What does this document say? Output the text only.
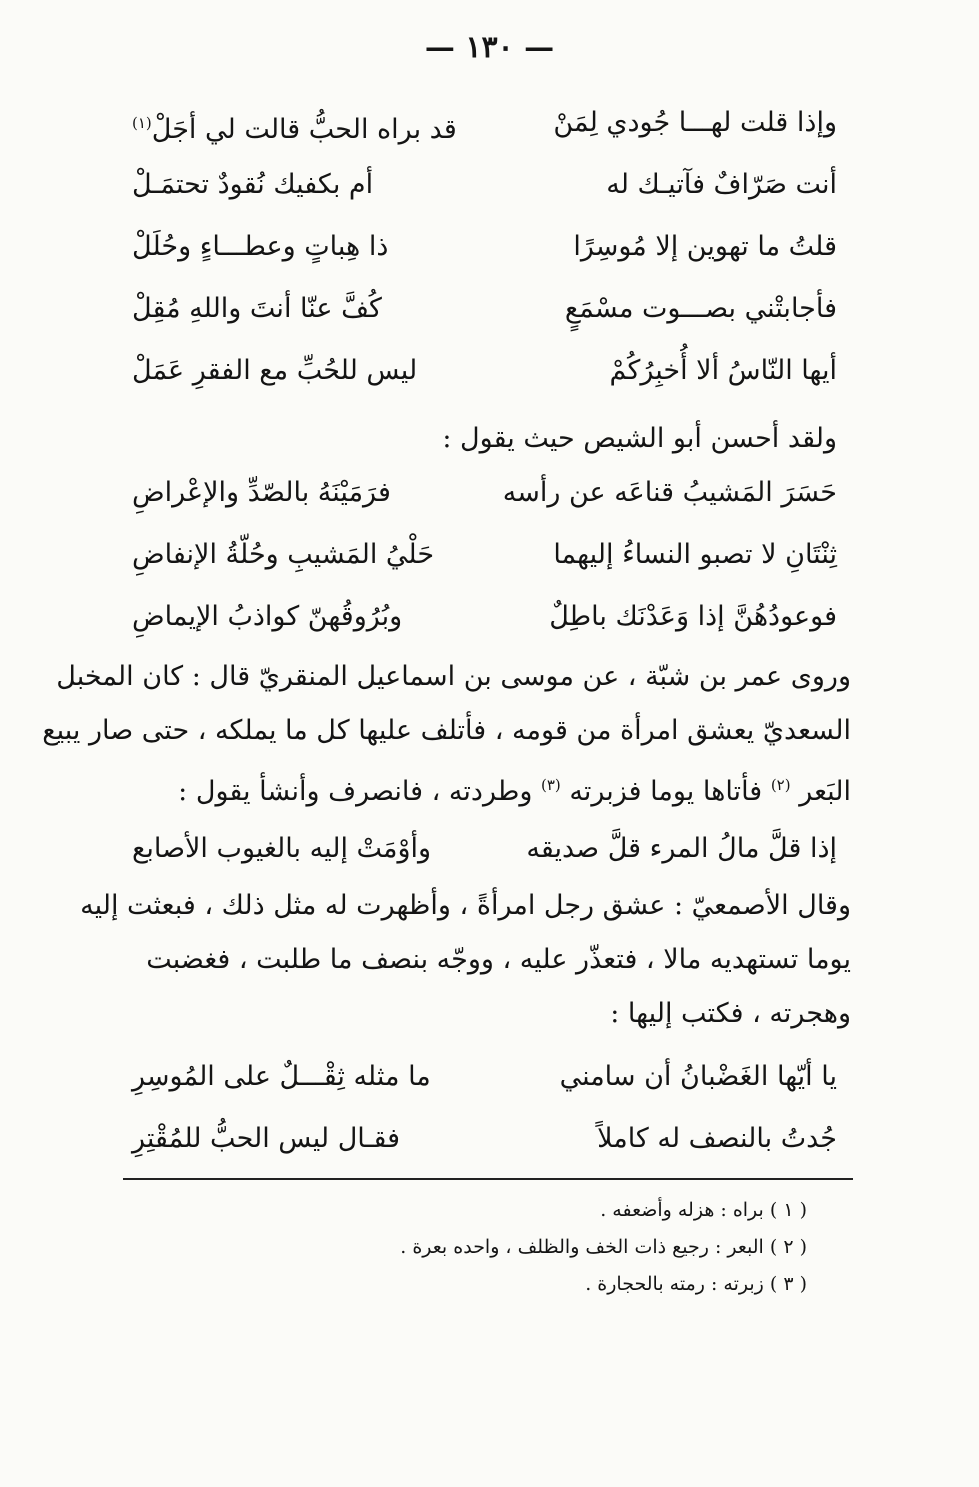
— ١٣٠ —
وإذا قلت لهـــا جُودي لِمَنْ
قد براه الحبُّ قالت لي أجَلْ$^{(١)}$
أنت صَرّافٌ فآتيـك له
أم بكفيك نُقودٌ تحتمَـلْ
قلتُ ما تهوين إلا مُوسِرًا
ذا هِباتٍ وعطـــاءٍ وحُلَلْ
فأجابتْني بصـــوت مسْمَعٍ
كُفَّ عنّا أنتَ واللهِ مُقِلْ
أيها النّاسُ ألا أُخبِرُكُمْ
ليس للحُبِّ مع الفقرِ عَمَلْ
ولقد أحسن أبو الشيص حيث يقول :
حَسَرَ المَشيبُ قناعَه عن رأسه
فرَمَيْنَهُ بالصّدِّ والإعْراضِ
ثِنْتَانِ لا تصبو النساءُ إليهما
حَلْيُ المَشيبِ وحُلّةُ الإنفاضِ
فوعودُهُنَّ إذا وَعَدْنَك باطِلٌ
وبُرُوقُهنّ كواذبُ الإيماضِ
وروى عمر بن شبّة ، عن موسى بن اسماعيل المنقريّ قال : كان المخبل
السعديّ يعشق امرأة من قومه ، فأتلف عليها كل ما يملكه ، حتى صار يبيع
البَعر $^{(٢)}$ فأتاها يوما فزبرته $^{(٣)}$ وطردته ، فانصرف وأنشأ يقول :
إذا قلَّ مالُ المرء قلَّ صديقه
وأوْمَتْ إليه بالغيوب الأصابع
وقال الأصمعيّ : عشق رجل امرأةً ، وأظهرت له مثل ذلك ، فبعثت إليه
يوما تستهديه مالا ، فتعذّر عليه ، ووجّه بنصف ما طلبت ، فغضبت
وهجرته ، فكتب إليها :
يا أيّها الغَضْبانُ أن سامني
ما مثله ثِقْـــلٌ على المُوسِرِ
جُدتُ بالنصف له كاملاً
فقـال ليس الحبُّ للمُقْتِرِ
( ١ ) براه : هزله وأضعفه .
( ٢ ) البعر : رجيع ذات الخف والظلف ، واحده بعرة .
( ٣ ) زبرته : رمته بالحجارة .
